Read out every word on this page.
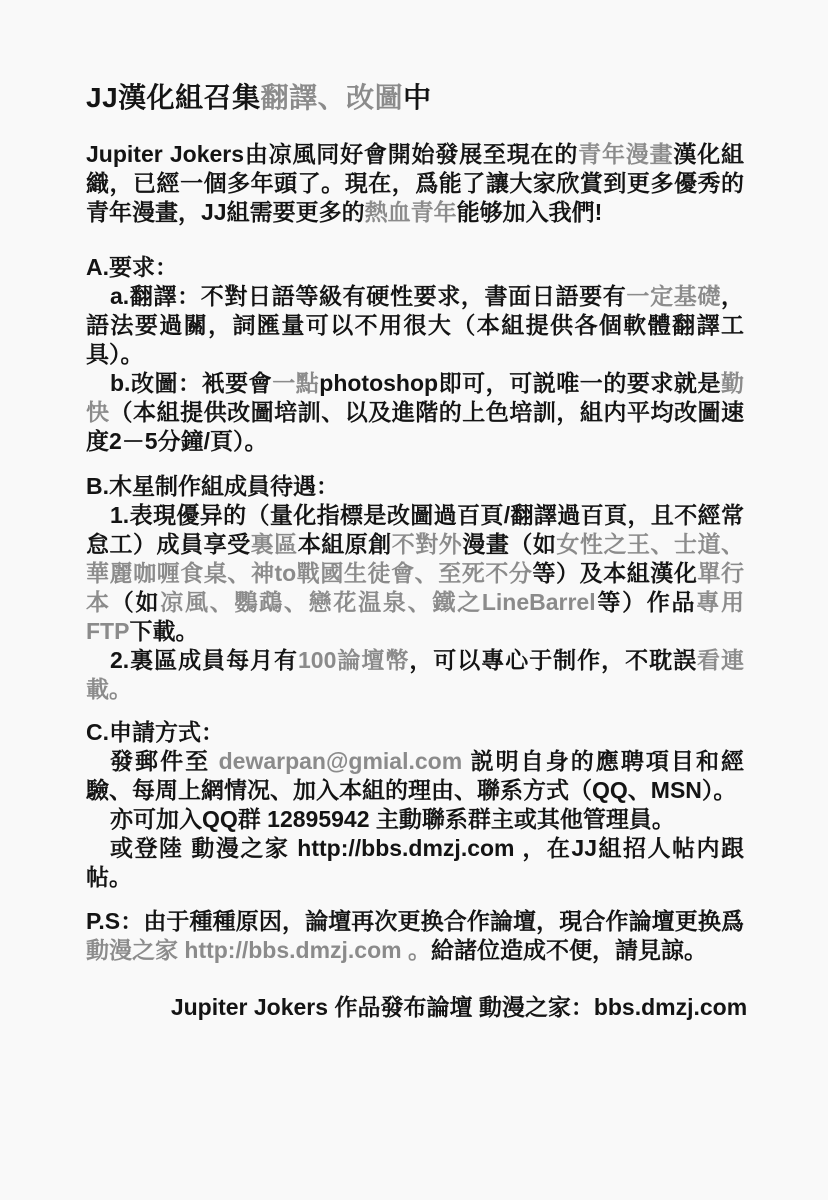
JJ漢化組召集翻譯、改圖中

Jupiter Jokers由凉風同好會開始發展至現在的青年漫畫漢化組織，已經一個多年頭了。現在，爲能了讓大家欣賞到更多優秀的青年漫畫，JJ組需要更多的熱血青年能够加入我們!

A.要求：

a.翻譯：不對日語等級有硬性要求，書面日語要有一定基礎，語法要過關，詞匯量可以不用很大（本組提供各個軟體翻譯工具）。

b.改圖：衹要會一點photoshop即可，可説唯一的要求就是勤快（本組提供改圖培訓、以及進階的上色培訓，組内平均改圖速度2－5分鐘/頁）。

B.木星制作組成員待遇：

1.表現優异的（量化指標是改圖過百頁/翻譯過百頁，且不經常怠工）成員享受裏區本組原創不對外漫畫（如女性之王、士道、華麗咖喱食桌、神to戰國生徒會、至死不分等）及本組漢化單行本（如凉風、鸚鵡、戀花温泉、鐵之LineBarrel等）作品專用FTP下載。

2.裏區成員每月有100論壇幣，可以專心于制作，不耽誤看連載。

C.申請方式：

發郵件至 dewarpan@gmial.com 説明自身的應聘項目和經驗、每周上網情况、加入本組的理由、聯系方式（QQ、MSN）。

亦可加入QQ群 12895942 主動聯系群主或其他管理員。

或登陸 動漫之家 http://bbs.dmzj.com ，在JJ組招人帖内跟帖。

P.S：由于種種原因，論壇再次更换合作論壇，現合作論壇更换爲動漫之家 http://bbs.dmzj.com 。給諸位造成不便，請見諒。

Jupiter Jokers 作品發布論壇 動漫之家：bbs.dmzj.com
